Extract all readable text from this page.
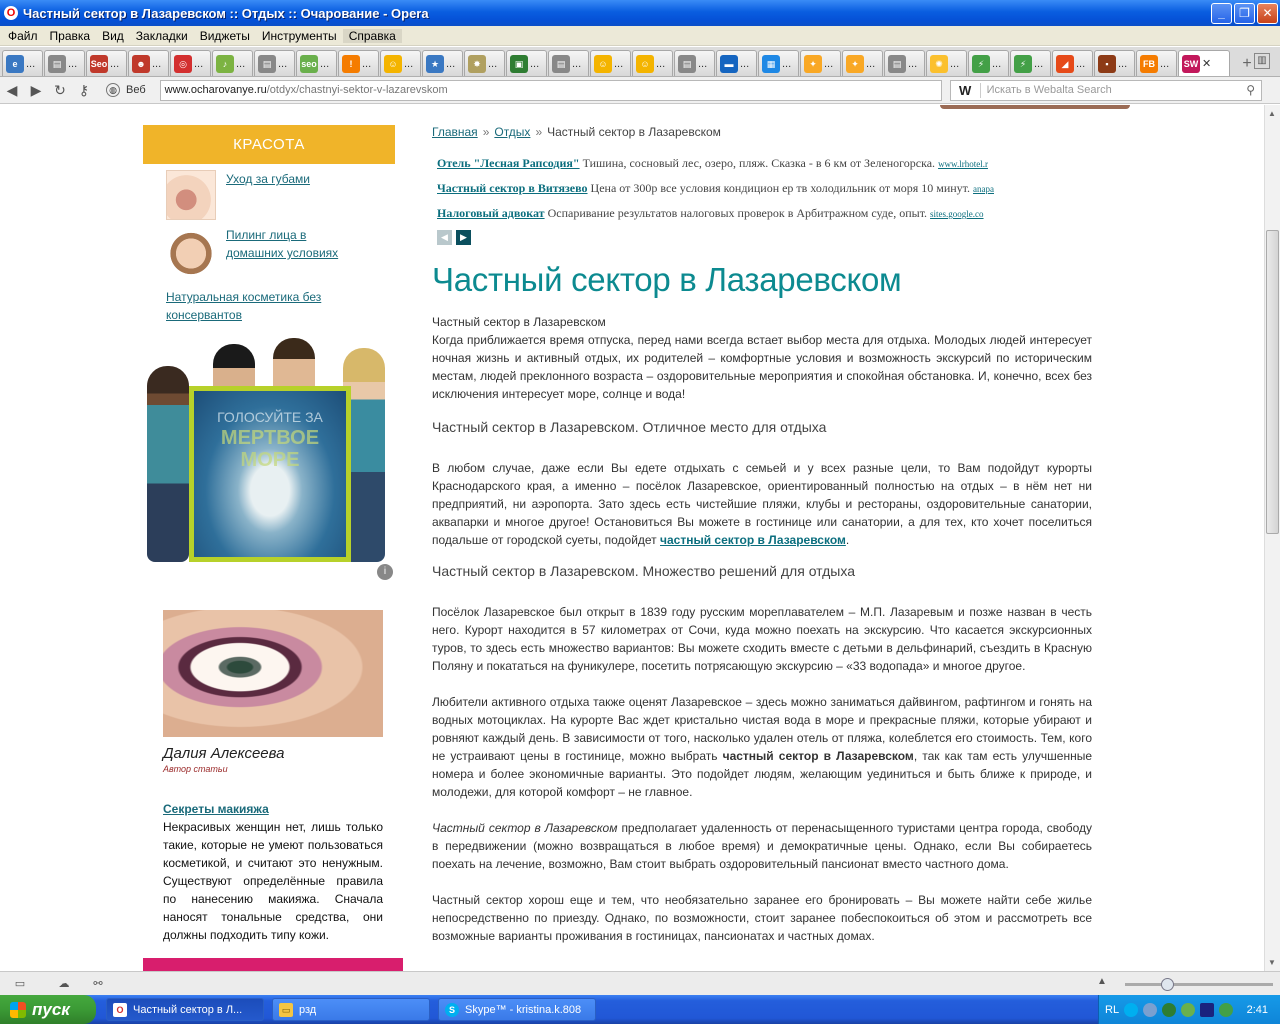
O Частный сектор в Лазаревском :: Отдых :: Очарование - Opera	_	❐	✕
Файл	Правка	Вид	Закладки	Виджеты	Инструменты	Справка
e ...	▤ ... Seo ...	☻ ...	◎ ...	♪ ...	▤ ... seo ...	! ...	☺ ...	★ ...	✸ ...	▣ ...	▤ ...	☺ ...	☺ ...	▤ ...	▬ ...	▦ ...	✦ ...	✦ ...	▤ ...	✺ ...	⚡ ...	⚡ ...	◢ ...	▪ ...	FB ... SW ✕	+ ▥
◀ ▶ ↻ ⚷	◍ Веб	www.ocharovanye.ru/otdyx/chastnyi-sektor-v-lazarevskom	W	Искать в Webalta Search	⚲
КРАСОТА
Уход за губами
Пилинг лица в домашних условиях
Натуральная косметика без консервантов
ГОЛОСУЙТЕ ЗА
МЕРТВОЕ МОРЕ
i
Далия Алексеева
Автор статьи
Секреты макияжа

Некрасивых женщин нет, лишь только такие, которые не умеют пользоваться косметикой, и считают это ненужным. Существуют определённые правила по нанесению макияжа. Сначала наносят тональные средства, они должны подходить типу кожи.

Главная » Отдых » Частный сектор в Лазаревском
Отель "Лесная Рапсодия" Тишина, сосновый лес, озеро, пляж. Сказка - в 6 км от Зеленогорска. www.lrhotel.r
Частный сектор в Витязево Цена от 300р все условия кондицион ер тв холодильник от моря 10 минут. anapa
Налоговый адвокат Оспаривание результатов налоговых проверок в Арбитражном суде, опыт. sites.google.co
◀	▶
Частный сектор в Лазаревском
Частный сектор в Лазаревском
Когда приближается время отпуска, перед нами всегда встает выбор места для отдыха. Молодых людей интересует ночная жизнь и активный отдых, их родителей – комфортные условия и возможность экскурсий по историческим местам, людей преклонного возраста – оздоровительные мероприятия и спокойная обстановка. И, конечно, всех без исключения интересует море, солнце и вода!
Частный сектор в Лазаревском. Отличное место для отдыха
В любом случае, даже если Вы едете отдыхать с семьей и у всех разные цели, то Вам подойдут курорты Краснодарского края, а именно – посёлок Лазаревское, ориентированный полностью на отдых – в нём нет ни предприятий, ни аэропорта. Зато здесь есть чистейшие пляжи, клубы и рестораны, оздоровительные санатории, аквапарки и многое другое! Остановиться Вы можете в гостинице или санатории, а для тех, кто хочет поселиться подальше от городской суеты, подойдет частный сектор в Лазаревском.
Частный сектор в Лазаревском. Множество решений для отдыха
Посёлок Лазаревское был открыт в 1839 году русским мореплавателем – М.П. Лазаревым и позже назван в честь него. Курорт находится в 57 километрах от Сочи, куда можно поехать на экскурсию. Что касается экскурсионных туров, то здесь есть множество вариантов: Вы можете сходить вместе с детьми в дельфинарий, съездить в Красную Поляну и покататься на фуникулере, посетить потрясающую экскурсию – «33 водопада» и многое другое.
Любители активного отдыха также оценят Лазаревское – здесь можно заниматься дайвингом, рафтингом и гонять на водных мотоциклах. На курорте Вас ждет кристально чистая вода в море и прекрасные пляжи, которые убирают и ровняют каждый день. В зависимости от того, насколько удален отель от пляжа, колеблется его стоимость. Тем, кого не устраивают цены в гостинице, можно выбрать частный сектор в Лазаревском, так как там есть улучшенные номера и более экономичные варианты. Это подойдет людям, желающим уединиться и быть ближе к природе, и молодежи, для которой комфорт – не главное.
Частный сектор в Лазаревском предполагает удаленность от перенасыщенного туристами центра города, свободу в передвижении (можно возвращаться в любое время) и демократичные цены. Однако, если Вы собираетесь поехать на лечение, возможно, Вам стоит выбрать оздоровительный пансионат вместо частного дома.
Частный сектор хорош еще и тем, что необязательно заранее его бронировать – Вы можете найти себе жилье непосредственно по приезду. Однако, по возможности, стоит заранее побеспокоиться об этом и рассмотреть все возможные варианты проживания в гостиницах, пансионатах и частных домах.
▲
▼
▭	☁	⚯	▲
пуск	O Частный сектор в Л...	▭ рзд	S Skype™ - kristina.k.808	RL	2:41
